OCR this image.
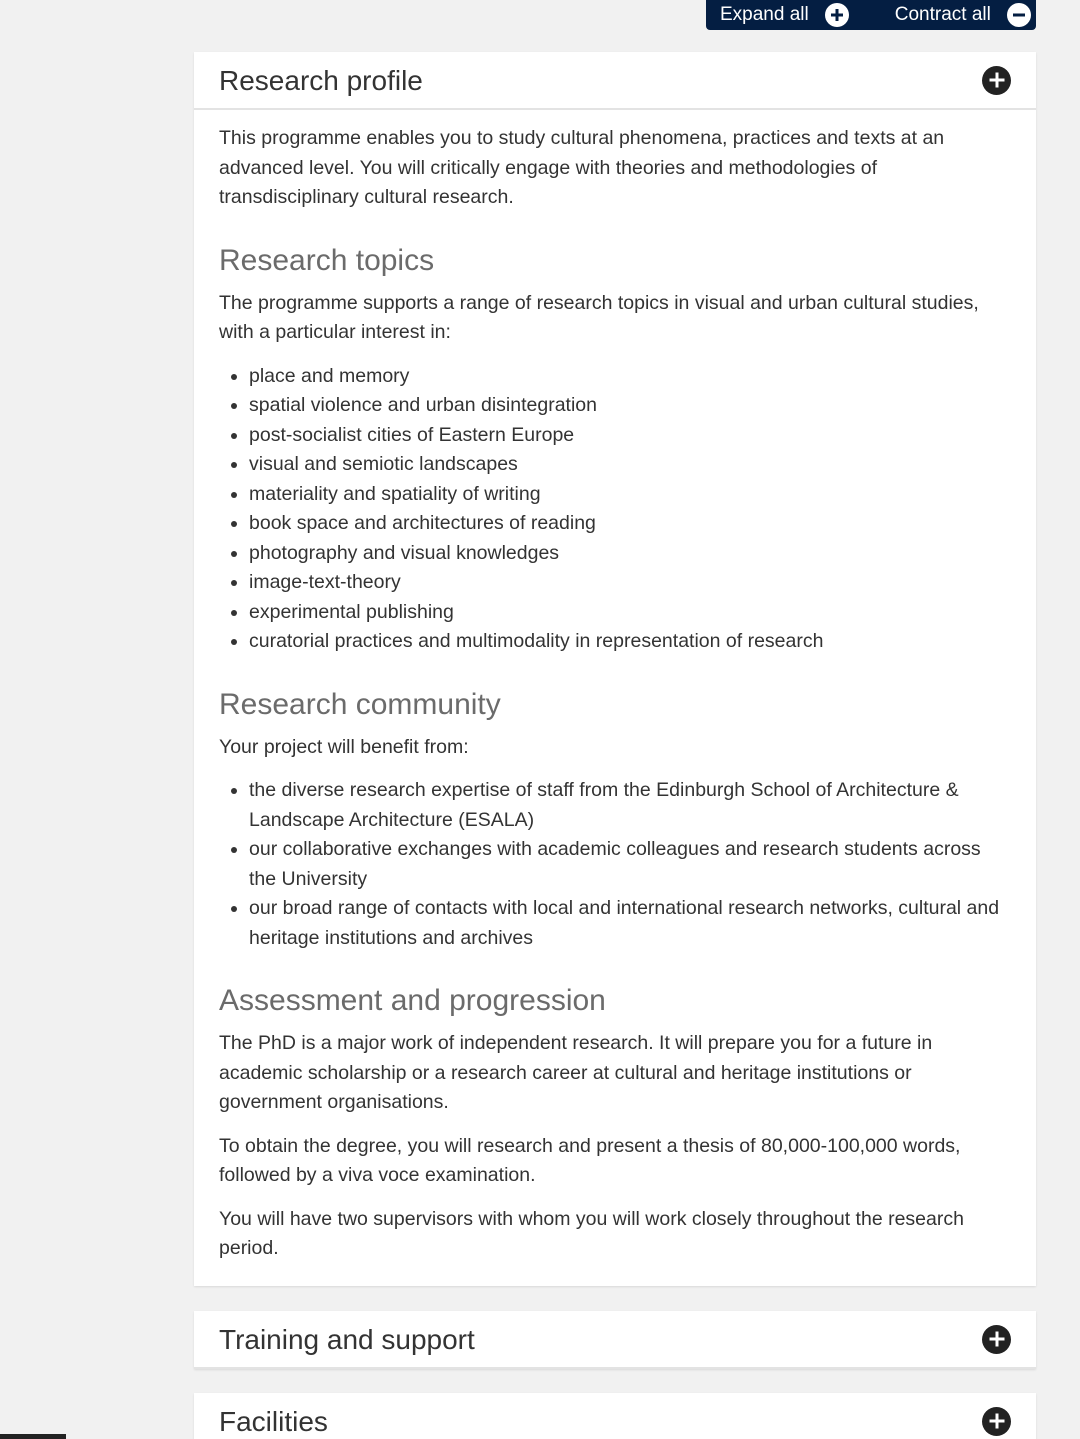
Expand all	Contract all
Research profile

This programme enables you to study cultural phenomena, practices and texts at an advanced level. You will critically engage with theories and methodologies of transdisciplinary cultural research.

Research topics

The programme supports a range of research topics in visual and urban cultural studies, with a particular interest in:

• place and memory
• spatial violence and urban disintegration
• post-socialist cities of Eastern Europe
• visual and semiotic landscapes
• materiality and spatiality of writing
• book space and architectures of reading
• photography and visual knowledges
• image-text-theory
• experimental publishing
• curatorial practices and multimodality in representation of research
Research community

Your project will benefit from:

• the diverse research expertise of staff from the Edinburgh School of Architecture & Landscape Architecture (ESALA)
• our collaborative exchanges with academic colleagues and research students across the University
• our broad range of contacts with local and international research networks, cultural and heritage institutions and archives
Assessment and progression

The PhD is a major work of independent research. It will prepare you for a future in academic scholarship or a research career at cultural and heritage institutions or government organisations.

To obtain the degree, you will research and present a thesis of 80,000-100,000 words, followed by a viva voce examination.

You will have two supervisors with whom you will work closely throughout the research period.

Training and support
Facilities
